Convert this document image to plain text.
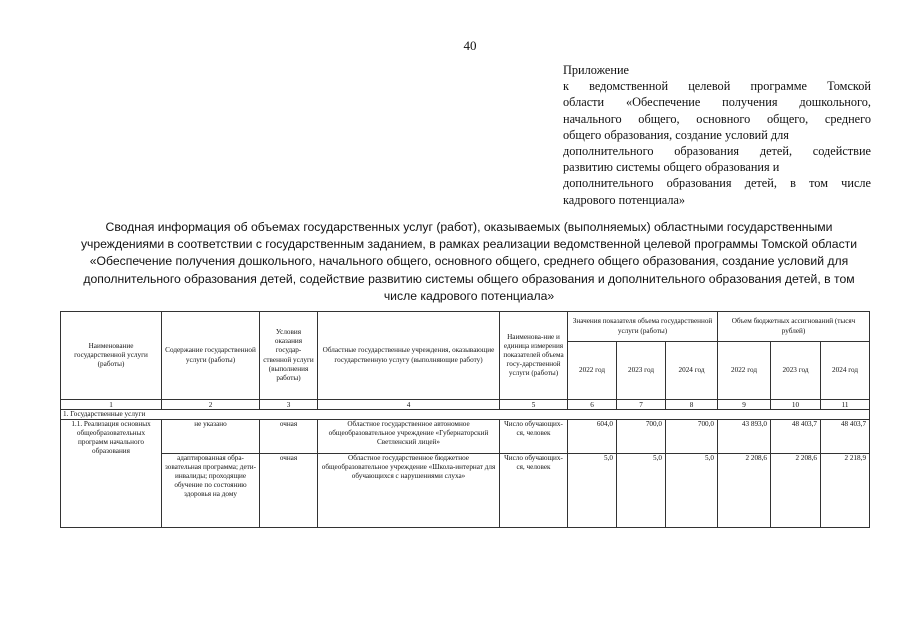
40
Приложение
к ведомственной целевой программе Томской
области «Обеспечение получения дошкольного,
начального общего, основного общего, среднего
общего образования, создание условий для
дополнительного образования детей, содействие
развитию системы общего образования и
дополнительного образования детей, в том числе
кадрового потенциала»
Сводная информация об объемах государственных услуг (работ), оказываемых (выполняемых) областными государственными
учреждениями в соответствии с государственным заданием, в рамках реализации ведомственной целевой программы Томской области
«Обеспечение получения дошкольного, начального общего, основного общего, среднего общего образования, создание условий для
дополнительного образования детей, содействие развитию системы общего образования и дополнительного образования детей, в том
числе кадрового потенциала»
Наименование государственной услуги (работы)	Содержание государственной услуги (работы)	Условия оказания государ-ственной услуги (выполнения работы)	Областные государственные учреждения, оказывающие государственную услугу (выполняющие работу)	Наименова-ние и единица измерения показателей объема госу-дарственной услуги (работы)	Значения показателя объема государственной услуги (работы)			Объем бюджетных ассигнований (тысяч рублей)		
					2022 год	2023 год	2024 год	2022 год	2023 год	2024 год
1	2	3	4	5	6	7	8	9	10	11
1. Государственные услуги										
1.1. Реализация основных общеобразовательных программ начального образования	не указано	очная	Областное государственное автономное общеобразовательное учреждение «Губернаторский Светленский лицей»	Число обучающих-ся, человек	604,0	700,0	700,0	43 893,0	48 403,7	48 403,7
	адаптированная обра-зовательная программа; дети-инвалиды; проходящие обучение по состоянию здоровья на дому	очная	Областное государственное бюджетное общеобразовательное учреждение «Школа-интернат для обучающихся с нарушениями слуха»	Число обучающих-ся, человек	5,0	5,0	5,0	2 208,6	2 208,6	2 218,9
